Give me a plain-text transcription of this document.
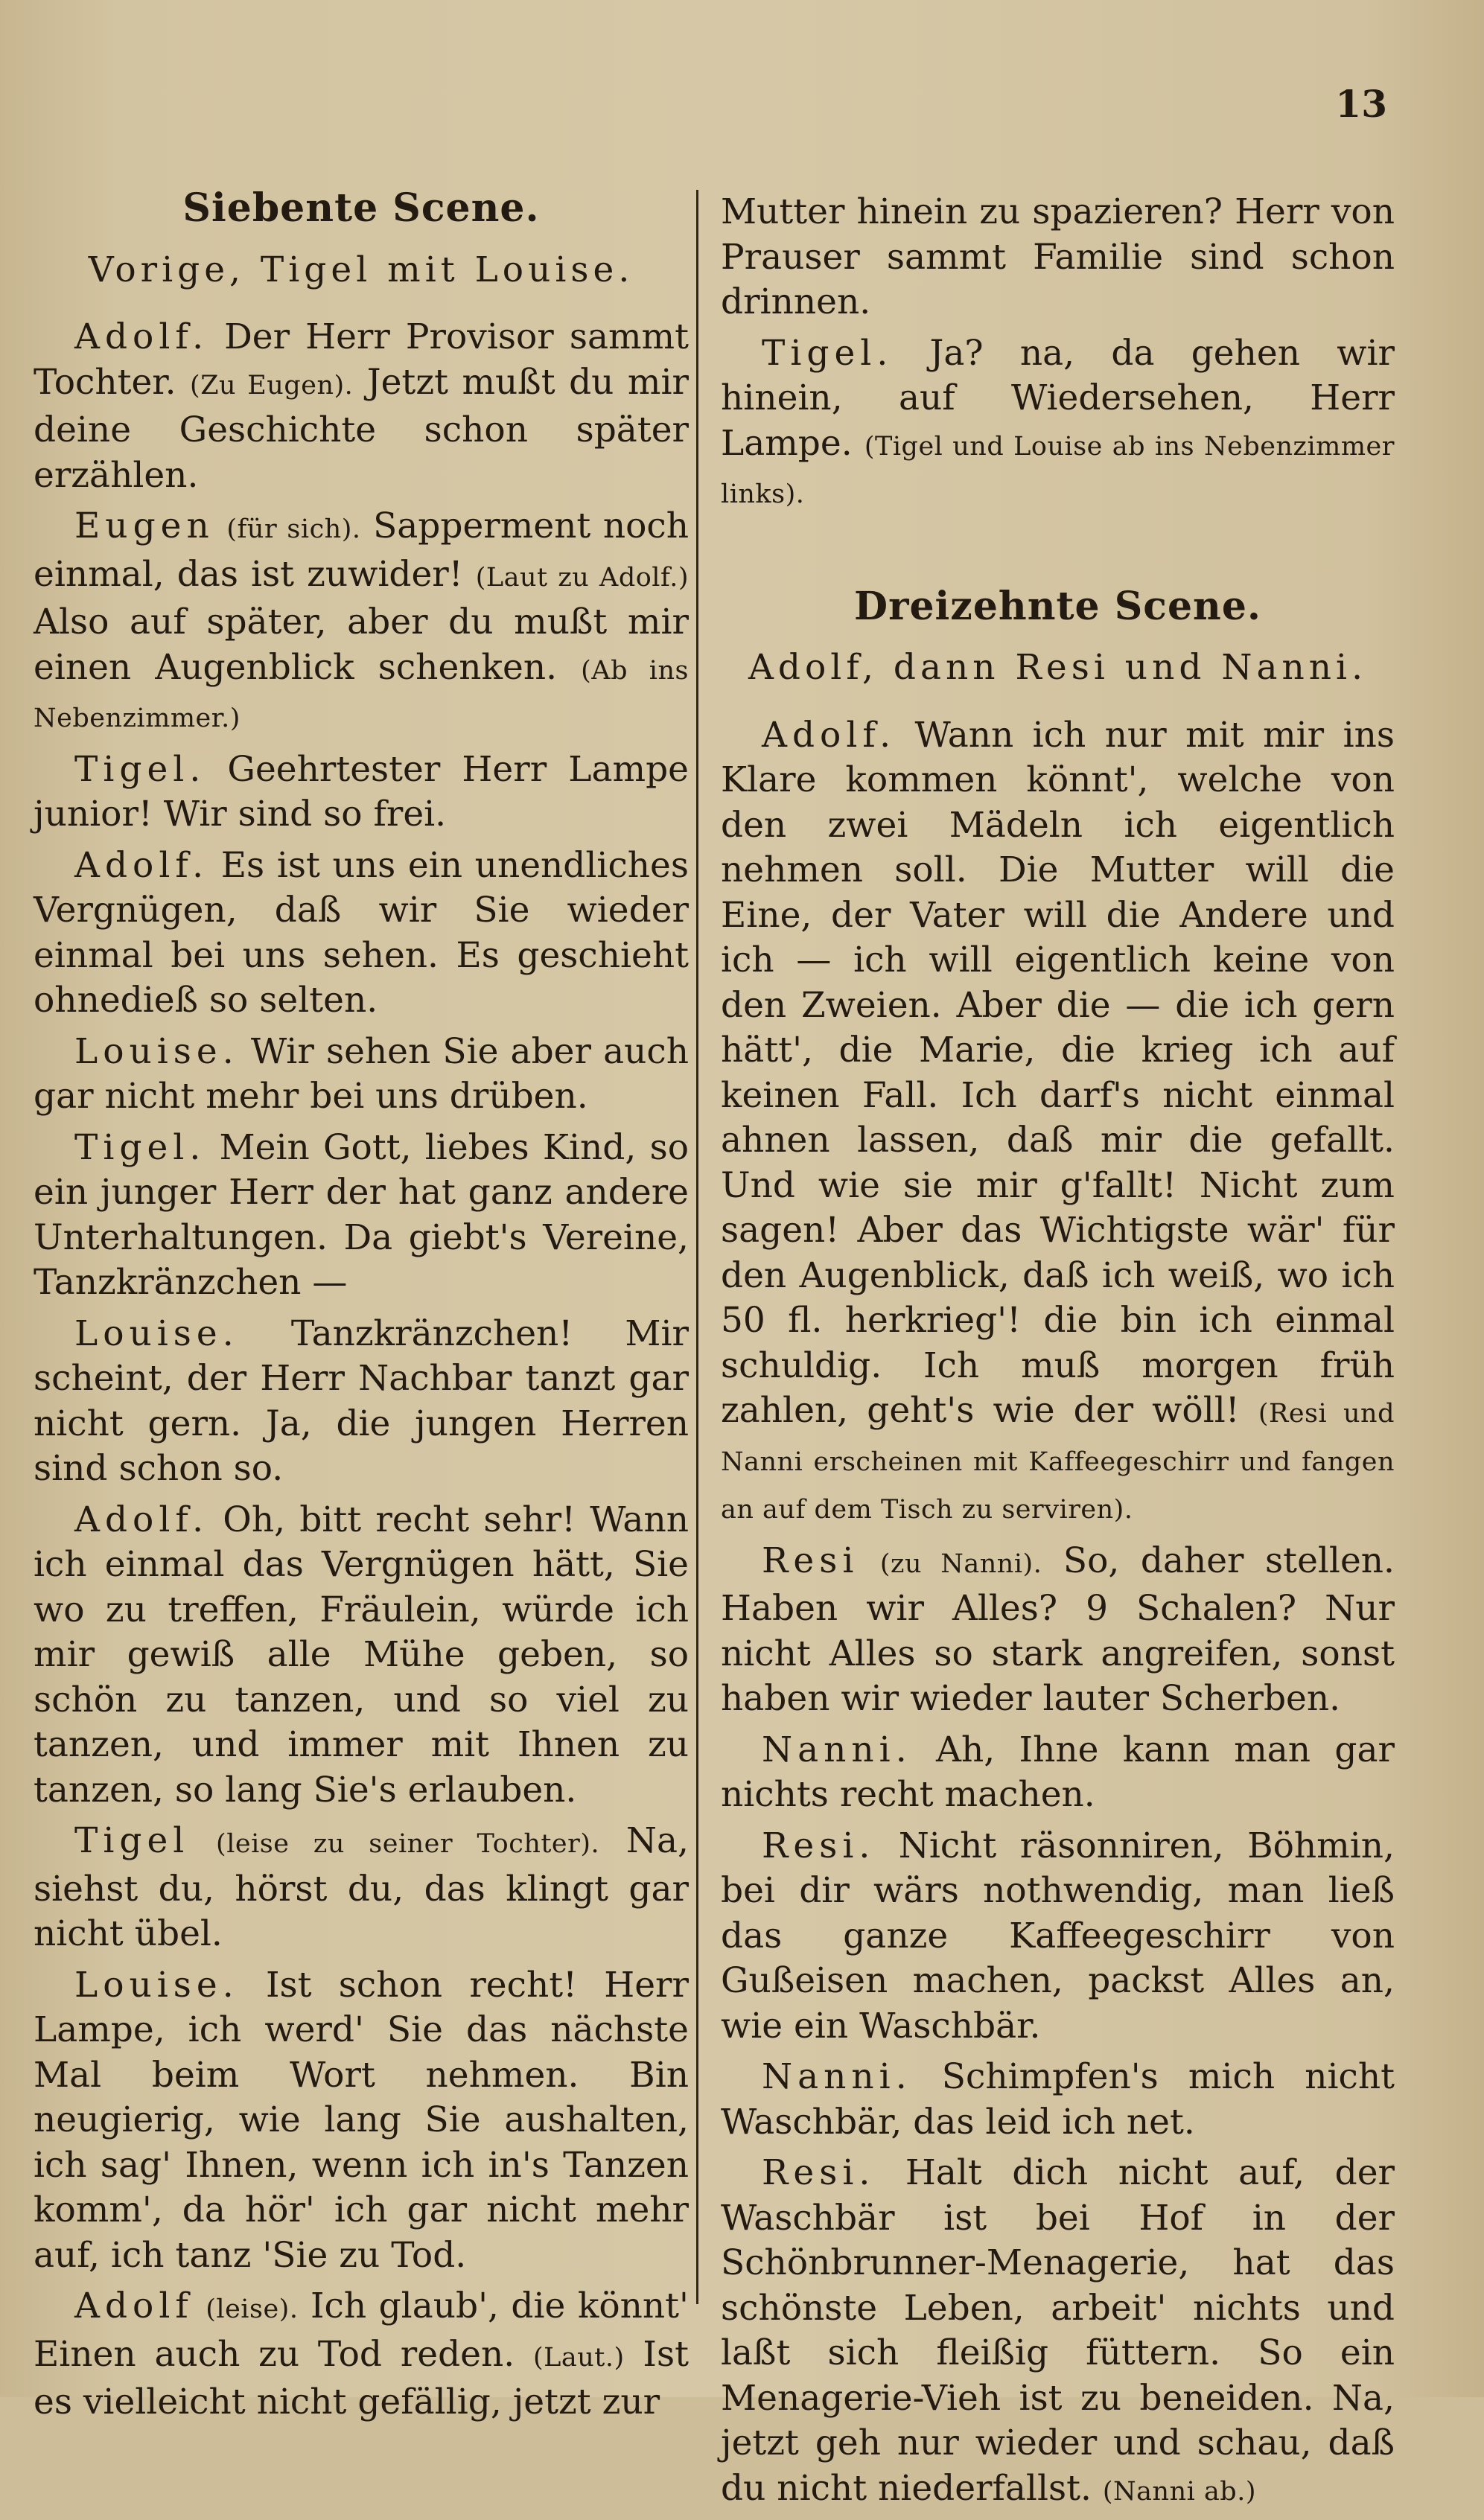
13
Siebente Scene.
Vorige, Tigel mit Louise.

Adolf. Der Herr Provisor sammt Tochter. (Zu Eugen). Jetzt mußt du mir deine Geschichte schon später erzählen.

Eugen (für sich). Sapperment noch einmal, das ist zuwider! (Laut zu Adolf.) Also auf später, aber du mußt mir einen Augenblick schenken. (Ab ins Nebenzimmer.)

Tigel. Geehrtester Herr Lampe junior! Wir sind so frei.

Adolf. Es ist uns ein unendliches Vergnügen, daß wir Sie wieder einmal bei uns sehen. Es geschieht ohnedieß so selten.

Louise. Wir sehen Sie aber auch gar nicht mehr bei uns drüben.

Tigel. Mein Gott, liebes Kind, so ein junger Herr der hat ganz andere Unterhaltungen. Da giebt's Vereine, Tanzkränzchen —

Louise. Tanzkränzchen! Mir scheint, der Herr Nachbar tanzt gar nicht gern. Ja, die jungen Herren sind schon so.

Adolf. Oh, bitt recht sehr! Wann ich einmal das Vergnügen hätt, Sie wo zu treffen, Fräulein, würde ich mir gewiß alle Mühe geben, so schön zu tanzen, und so viel zu tanzen, und immer mit Ihnen zu tanzen, so lang Sie's erlauben.

Tigel (leise zu seiner Tochter). Na, siehst du, hörst du, das klingt gar nicht übel.

Louise. Ist schon recht! Herr Lampe, ich werd' Sie das nächste Mal beim Wort nehmen. Bin neugierig, wie lang Sie aushalten, ich sag' Ihnen, wenn ich in's Tanzen komm', da hör' ich gar nicht mehr auf, ich tanz 'Sie zu Tod.

Adolf (leise). Ich glaub', die könnt' Einen auch zu Tod reden. (Laut.) Ist es vielleicht nicht gefällig, jetzt zur

Mutter hinein zu spazieren? Herr von Prauser sammt Familie sind schon drinnen.

Tigel. Ja? na, da gehen wir hinein, auf Wiedersehen, Herr Lampe. (Tigel und Louise ab ins Nebenzimmer links).

Dreizehnte Scene.
Adolf, dann Resi und Nanni.

Adolf. Wann ich nur mit mir ins Klare kommen könnt', welche von den zwei Mädeln ich eigentlich nehmen soll. Die Mutter will die Eine, der Vater will die Andere und ich — ich will eigentlich keine von den Zweien. Aber die — die ich gern hätt', die Marie, die krieg ich auf keinen Fall. Ich darf's nicht einmal ahnen lassen, daß mir die gefallt. Und wie sie mir g'fallt! Nicht zum sagen! Aber das Wichtigste wär' für den Augenblick, daß ich weiß, wo ich 50 fl. herkrieg'! die bin ich einmal schuldig. Ich muß morgen früh zahlen, geht's wie der wöll! (Resi und Nanni erscheinen mit Kaffeegeschirr und fangen an auf dem Tisch zu serviren).

Resi (zu Nanni). So, daher stellen. Haben wir Alles? 9 Schalen? Nur nicht Alles so stark angreifen, sonst haben wir wieder lauter Scherben.

Nanni. Ah, Ihne kann man gar nichts recht machen.

Resi. Nicht räsonniren, Böhmin, bei dir wärs nothwendig, man ließ das ganze Kaffeegeschirr von Gußeisen machen, packst Alles an, wie ein Waschbär.

Nanni. Schimpfen's mich nicht Waschbär, das leid ich net.

Resi. Halt dich nicht auf, der Waschbär ist bei Hof in der Schönbrunner-Menagerie, hat das schönste Leben, arbeit' nichts und laßt sich fleißig füttern. So ein Menagerie-Vieh ist zu beneiden. Na, jetzt geh nur wieder und schau, daß du nicht niederfallst. (Nanni ab.)
